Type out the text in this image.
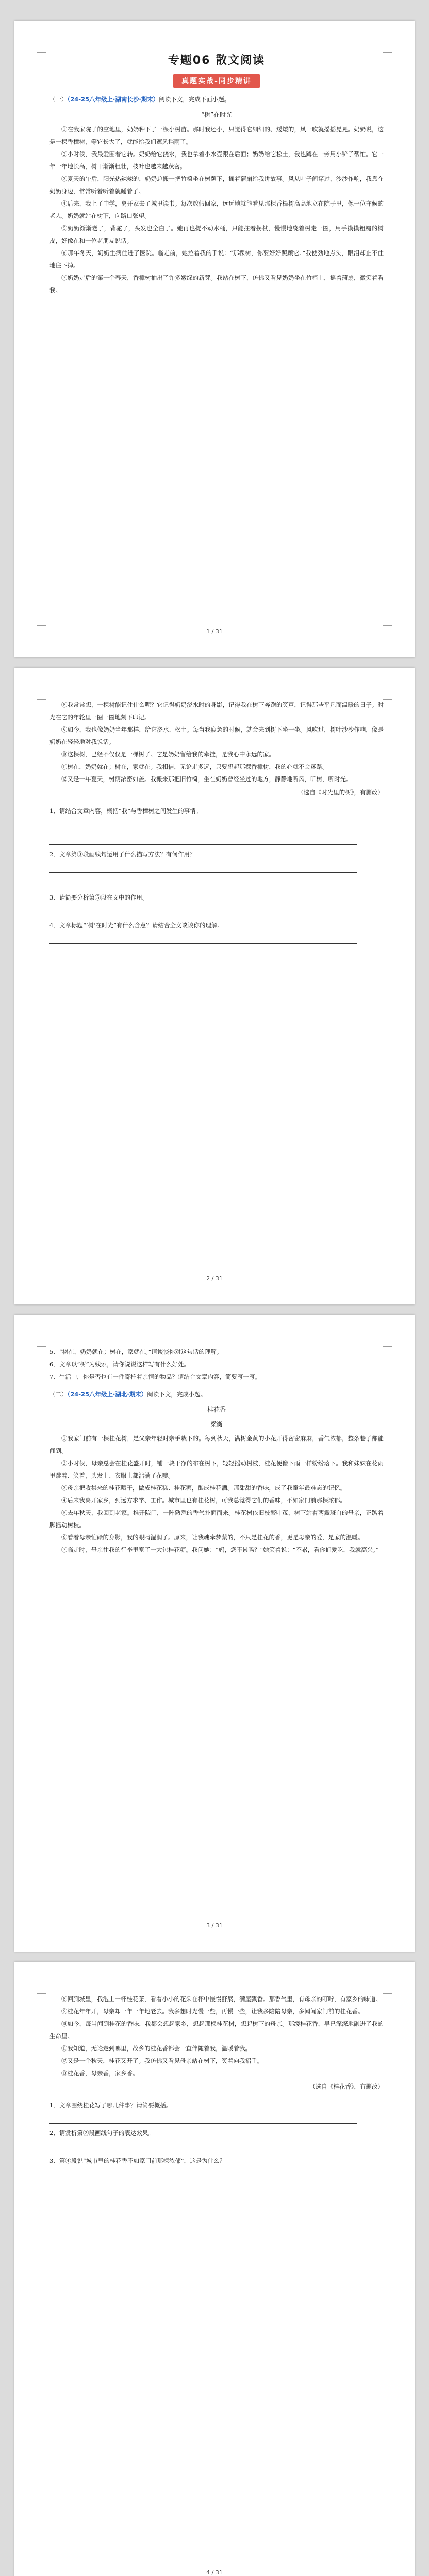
专题06 散文阅读
真题实战-同步精讲

（一）（24-25八年级上·湖南长沙·期末）阅读下文，完成下面小题。

“树”在时光

①在我家院子的空地里，奶奶种下了一棵小树苗。那时我还小，只觉得它细细的、矮矮的，风一吹就摇摇晃晃。奶奶说，这是一棵香樟树，等它长大了，就能给我们遮风挡雨了。

②小时候，我最爱围着它转。奶奶给它浇水，我也拿着小水壶跟在后面；奶奶给它松土，我也蹲在一旁用小铲子帮忙。它一年一年地长高，树干渐渐粗壮，枝叶也越来越茂密。

③夏天的午后，阳光热辣辣的，奶奶总搬一把竹椅坐在树荫下，摇着蒲扇给我讲故事。风从叶子间穿过，沙沙作响，我靠在奶奶身边，常常听着听着就睡着了。

④后来，我上了中学，离开家去了城里读书。每次放假回家，远远地就能看见那棵香樟树高高地立在院子里，像一位守候的老人。奶奶就站在树下，向路口张望。

⑤奶奶渐渐老了，背驼了，头发也全白了。她再也提不动水桶，只能拄着拐杖，慢慢地绕着树走一圈，用手摸摸粗糙的树皮，好像在和一位老朋友说话。

⑥那年冬天，奶奶生病住进了医院。临走前，她拉着我的手说：“那棵树，你要好好照顾它。”我使劲地点头，眼泪却止不住地往下掉。

⑦奶奶走后的第一个春天，香樟树抽出了许多嫩绿的新芽。我站在树下，仿佛又看见奶奶坐在竹椅上，摇着蒲扇，微笑着看我。

1 / 31

⑧我常常想，一棵树能记住什么呢？它记得奶奶浇水时的身影，记得我在树下奔跑的笑声，记得那些平凡而温暖的日子。时光在它的年轮里一圈一圈地刻下印记。

⑨如今，我也像奶奶当年那样，给它浇水、松土。每当我疲惫的时候，就会来到树下坐一坐。风吹过，树叶沙沙作响，像是奶奶在轻轻地对我说话。

⑩这棵树，已经不仅仅是一棵树了。它是奶奶留给我的牵挂，是我心中永远的家。

⑪树在，奶奶就在；树在，家就在。我相信，无论走多远，只要想起那棵香樟树，我的心就不会迷路。

⑫又是一年夏天，树荫浓密如盖。我搬来那把旧竹椅，坐在奶奶曾经坐过的地方，静静地听风，听树，听时光。

（选自《时光里的树》，有删改）

1．请结合文章内容，概括“我”与香樟树之间发生的事情。

2．文章第③段画线句运用了什么描写方法？有何作用？

3．请简要分析第⑤段在文中的作用。

4．文章标题“‘树’在时光”有什么含意？请结合全文谈谈你的理解。

2 / 31

5．“树在，奶奶就在；树在，家就在。”请谈谈你对这句话的理解。

6．文章以“树”为线索，请你说说这样写有什么好处。

7．生活中，你是否也有一件寄托着亲情的物品？请结合文章内容，简要写一写。

（二）（24-25八年级上·湖北·期末）阅读下文，完成小题。

桂花香
梁衡

①我家门前有一棵桂花树，是父亲年轻时亲手栽下的。每到秋天，满树金黄的小花开得密密麻麻，香气浓郁，整条巷子都能闻到。

②小时候，母亲总会在桂花盛开时，铺一块干净的布在树下，轻轻摇动树枝，桂花便像下雨一样纷纷落下。我和妹妹在花雨里跳着、笑着，头发上、衣服上都沾满了花瓣。

③母亲把收集来的桂花晒干，做成桂花糕、桂花糖，酿成桂花酒。那甜甜的香味，成了我童年最难忘的记忆。

④后来我离开家乡，到远方求学、工作。城市里也有桂花树，可我总觉得它们的香味，不如家门前那棵浓郁。

⑤去年秋天，我回到老家。推开院门，一阵熟悉的香气扑面而来。桂花树依旧枝繁叶茂，树下站着两鬓斑白的母亲，正踮着脚摇动树枝。

⑥看着母亲忙碌的身影，我的眼睛湿润了。原来，让我魂牵梦萦的，不只是桂花的香，更是母亲的爱，是家的温暖。

⑦临走时，母亲往我的行李里塞了一大包桂花糖。我问她：“妈，您不累吗？”她笑着说：“不累，看你们爱吃，我就高兴。”

3 / 31

⑧回到城里，我泡上一杯桂花茶，看着小小的花朵在杯中慢慢舒展，满屋飘香。那香气里，有母亲的叮咛，有家乡的味道。

⑨桂花年年开，母亲却一年一年地老去。我多想时光慢一些，再慢一些，让我多陪陪母亲，多闻闻家门前的桂花香。

⑩如今，每当闻到桂花的香味，我都会想起家乡，想起那棵桂花树，想起树下的母亲。那缕桂花香，早已深深地融进了我的生命里。

⑪我知道，无论走到哪里，故乡的桂花香都会一直伴随着我，温暖着我。

⑫又是一个秋天，桂花又开了。我仿佛又看见母亲站在树下，笑着向我招手。

⑬桂花香，母亲香，家乡香。

（选自《桂花香》，有删改）

1．文章围绕桂花写了哪几件事？请简要概括。

2．请赏析第②段画线句子的表达效果。

3．第④段说“城市里的桂花香不如家门前那棵浓郁”，这是为什么？

4 / 31
